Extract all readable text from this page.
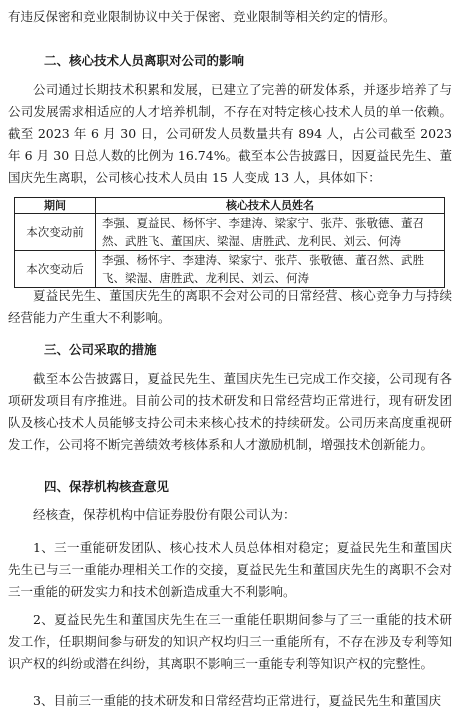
有违反保密和竞业限制协议中关于保密、竞业限制等相关约定的情形。
二、核心技术人员离职对公司的影响
公司通过长期技术积累和发展，已建立了完善的研发体系，并逐步培养了与公司发展需求相适应的人才培养机制，不存在对特定核心技术人员的单一依赖。截至 2023 年 6 月 30 日，公司研发人员数量共有 894 人，占公司截至 2023 年 6 月 30 日总人数的比例为 16.74%。截至本公告披露日，因夏益民先生、董国庆先生离职，公司核心技术人员由 15 人变成 13 人，具体如下：
期间	核心技术人员姓名
本次变动前	李强、夏益民、杨怀宇、李建涛、梁家宁、张芹、张敬德、董召然、武胜飞、董国庆、梁湿、唐胜武、龙利民、刘云、何涛
本次变动后	李强、杨怀宇、李建涛、梁家宁、张芹、张敬德、董召然、武胜飞、梁湿、唐胜武、龙利民、刘云、何涛
夏益民先生、董国庆先生的离职不会对公司的日常经营、核心竞争力与持续经营能力产生重大不利影响。
三、公司采取的措施
截至本公告披露日，夏益民先生、董国庆先生已完成工作交接，公司现有各项研发项目有序推进。目前公司的技术研发和日常经营均正常进行，现有研发团队及核心技术人员能够支持公司未来核心技术的持续研发。公司历来高度重视研发工作，公司将不断完善绩效考核体系和人才激励机制，增强技术创新能力。
四、保荐机构核查意见
经核查，保荐机构中信证券股份有限公司认为：
1、三一重能研发团队、核心技术人员总体相对稳定；夏益民先生和董国庆先生已与三一重能办理相关工作的交接，夏益民先生和董国庆先生的离职不会对三一重能的研发实力和技术创新造成重大不利影响。
2、夏益民先生和董国庆先生在三一重能任职期间参与了三一重能的技术研发工作，任职期间参与研发的知识产权均归三一重能所有，不存在涉及专利等知识产权的纠纷或潜在纠纷，其离职不影响三一重能专利等知识产权的完整性。
3、目前三一重能的技术研发和日常经营均正常进行，夏益民先生和董国庆
